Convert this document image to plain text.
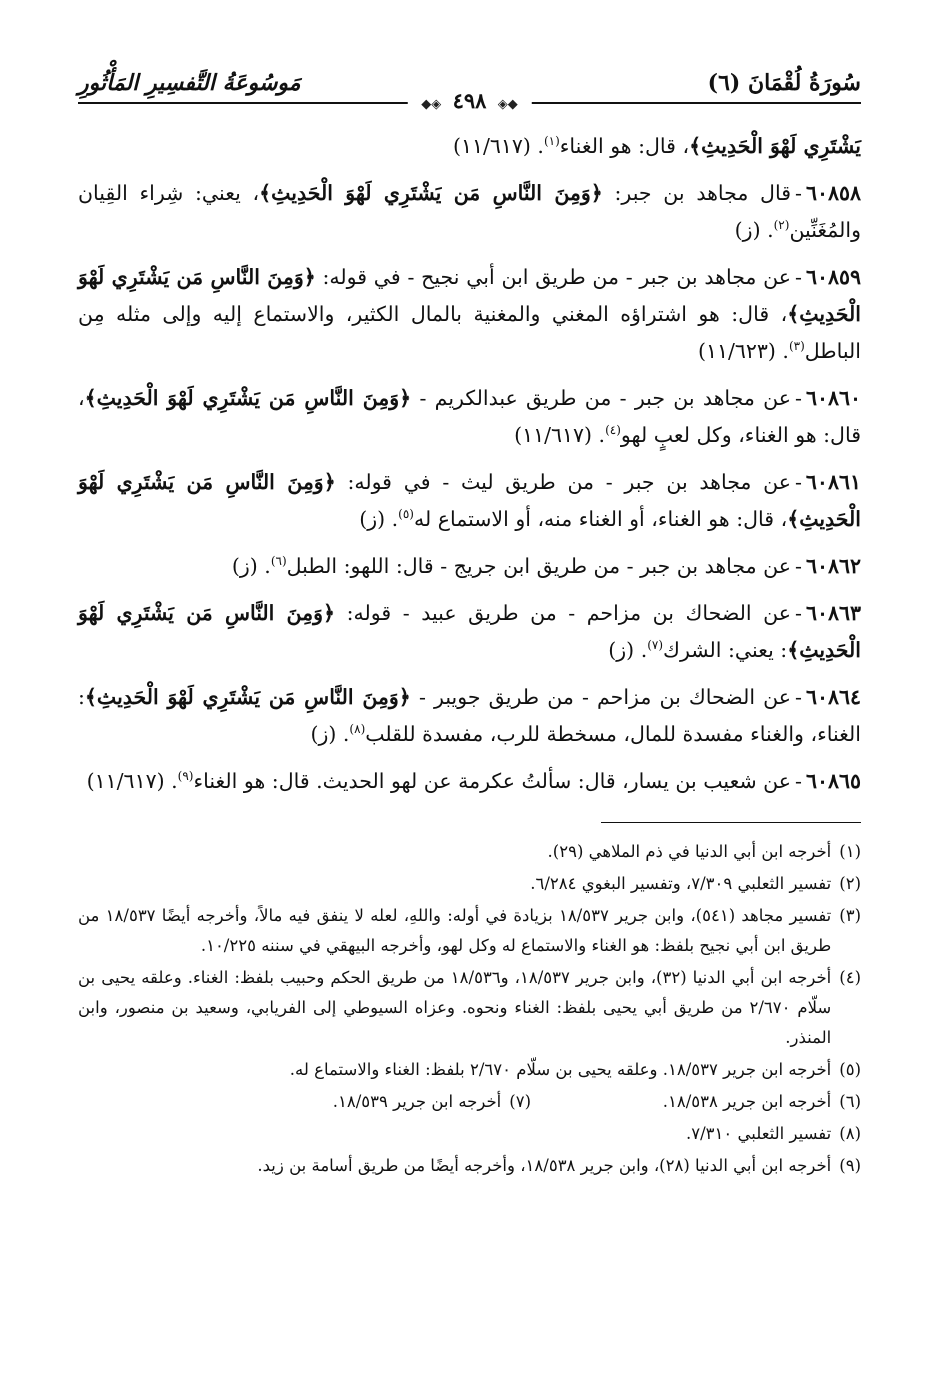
سُورَةُ لُقْمَانَ (٦)
مَوسُوعَةُ التَّفسِيرِ المَأْثُورِ
◆◈ ٤٩٨ ◈◆

يَشْتَرِي لَهْوَ الْحَدِيثِ﴾، قال: هو الغناء$^{(١)}$. (١١/٦١٧)

٦٠٨٥٨-قال مجاهد بن جبر: ﴿وَمِنَ النَّاسِ مَن يَشْتَرِي لَهْوَ الْحَدِيثِ﴾، يعني: شِراء القِيان والمُغَنِّين$^{(٢)}$. (ز)

٦٠٨٥٩-عن مجاهد بن جبر - من طريق ابن أبي نجيح - في قوله: ﴿وَمِنَ النَّاسِ مَن يَشْتَرِي لَهْوَ الْحَدِيثِ﴾، قال: هو اشتراؤه المغني والمغنية بالمال الكثير، والاستماع إليه وإلى مثله مِن الباطل$^{(٣)}$. (١١/٦٢٣)

٦٠٨٦٠-عن مجاهد بن جبر - من طريق عبدالكريم - ﴿وَمِنَ النَّاسِ مَن يَشْتَرِي لَهْوَ الْحَدِيثِ﴾، قال: هو الغناء، وكل لعبٍ لهو$^{(٤)}$. (١١/٦١٧)

٦٠٨٦١-عن مجاهد بن جبر - من طريق ليث - في قوله: ﴿وَمِنَ النَّاسِ مَن يَشْتَرِي لَهْوَ الْحَدِيثِ﴾، قال: هو الغناء، أو الغناء منه، أو الاستماع له$^{(٥)}$. (ز)

٦٠٨٦٢-عن مجاهد بن جبر - من طريق ابن جريج - قال: اللهو: الطبل$^{(٦)}$. (ز)

٦٠٨٦٣-عن الضحاك بن مزاحم - من طريق عبيد - قوله: ﴿وَمِنَ النَّاسِ مَن يَشْتَرِي لَهْوَ الْحَدِيثِ﴾: يعني: الشرك$^{(٧)}$. (ز)

٦٠٨٦٤-عن الضحاك بن مزاحم - من طريق جويبر - ﴿وَمِنَ النَّاسِ مَن يَشْتَرِي لَهْوَ الْحَدِيثِ﴾: الغناء، والغناء مفسدة للمال، مسخطة للرب، مفسدة للقلب$^{(٨)}$. (ز)

٦٠٨٦٥-عن شعيب بن يسار، قال: سألتُ عكرمة عن لهو الحديث. قال: هو الغناء$^{(٩)}$. (١١/٦١٧)

(١)
أخرجه ابن أبي الدنيا في ذم الملاهي (٢٩).
(٢)
تفسير الثعلبي ٧/٣٠٩، وتفسير البغوي ٦/٢٨٤.
(٣)
تفسير مجاهد (٥٤١)، وابن جرير ١٨/٥٣٧ بزيادة في أوله: واللهِ، لعله لا ينفق فيه مالاً، وأخرجه أيضًا ١٨/٥٣٧ من طريق ابن أبي نجيح بلفظ: هو الغناء والاستماع له وكل لهو، وأخرجه البيهقي في سننه ١٠/٢٢٥.
(٤)
أخرجه ابن أبي الدنيا (٣٢)، وابن جرير ١٨/٥٣٧، و١٨/٥٣٦ من طريق الحكم وحبيب بلفظ: الغناء. وعلقه يحيى بن سلّام ٢/٦٧٠ من طريق أبي يحيى بلفظ: الغناء ونحوه. وعزاه السيوطي إلى الفريابي، وسعيد بن منصور، وابن المنذر.
(٥)
أخرجه ابن جرير ١٨/٥٣٧. وعلقه يحيى بن سلّام ٢/٦٧٠ بلفظ: الغناء والاستماع له.
(٦)
أخرجه ابن جرير ١٨/٥٣٨.
(٧)
أخرجه ابن جرير ١٨/٥٣٩.
(٨)
تفسير الثعلبي ٧/٣١٠.
(٩)
أخرجه ابن أبي الدنيا (٢٨)، وابن جرير ١٨/٥٣٨، وأخرجه أيضًا من طريق أسامة بن زيد.
